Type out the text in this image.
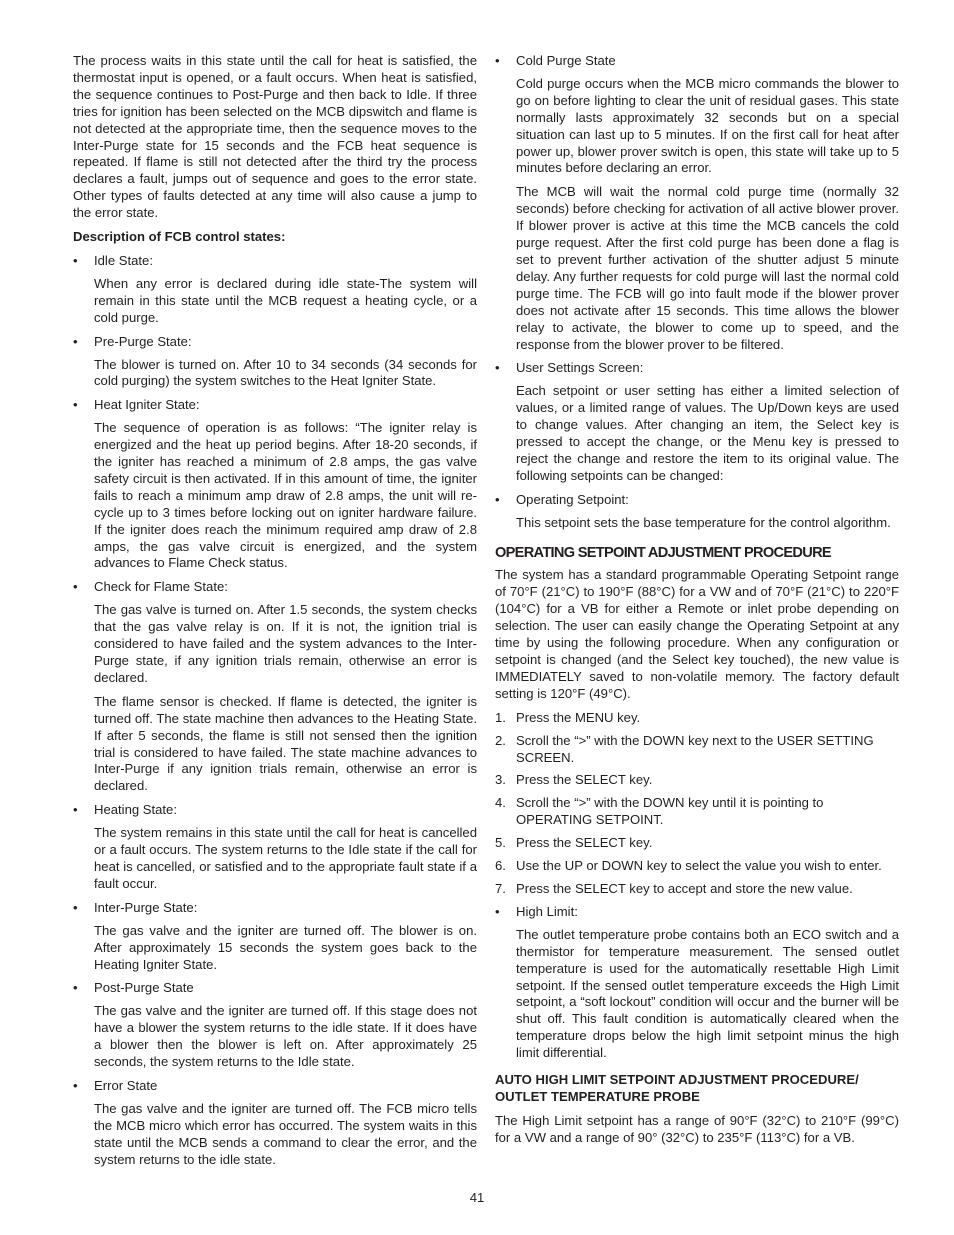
The process waits in this state until the call for heat is satisfied, the thermostat input is opened, or a fault occurs. When heat is satisfied, the sequence continues to Post-Purge and then back to Idle. If three tries for ignition has been selected on the MCB dipswitch and flame is not detected at the appropriate time, then the sequence moves to the Inter-Purge state for 15 seconds and the FCB heat sequence is repeated. If flame is still not detected after the third try the process declares a fault, jumps out of sequence and goes to the error state. Other types of faults detected at any time will also cause a jump to the error state.

Description of FCB control states:
• Idle State:

When any error is declared during idle state-The system will remain in this state until the MCB request a heating cycle, or a cold purge.

• Pre-Purge State:

The blower is turned on. After 10 to 34 seconds (34 seconds for cold purging) the system switches to the Heat Igniter State.

• Heat Igniter State:

The sequence of operation is as follows: “The igniter relay is energized and the heat up period begins. After 18-20 seconds, if the igniter has reached a minimum of 2.8 amps, the gas valve safety circuit is then activated. If in this amount of time, the igniter fails to reach a minimum amp draw of 2.8 amps, the unit will re-cycle up to 3 times before locking out on igniter hardware failure. If the igniter does reach the minimum required amp draw of 2.8 amps, the gas valve circuit is energized, and the system advances to Flame Check status.

• Check for Flame State:

The gas valve is turned on. After 1.5 seconds, the system checks that the gas valve relay is on. If it is not, the ignition trial is considered to have failed and the system advances to the Inter-Purge state, if any ignition trials remain, otherwise an error is declared.

The flame sensor is checked. If flame is detected, the igniter is turned off. The state machine then advances to the Heating State. If after 5 seconds, the flame is still not sensed then the ignition trial is considered to have failed. The state machine advances to Inter-Purge if any ignition trials remain, otherwise an error is declared.

• Heating State:

The system remains in this state until the call for heat is cancelled or a fault occurs. The system returns to the Idle state if the call for heat is cancelled, or satisfied and to the appropriate fault state if a fault occur.

• Inter-Purge State:

The gas valve and the igniter are turned off. The blower is on. After approximately 15 seconds the system goes back to the Heating Igniter State.

• Post-Purge State

The gas valve and the igniter are turned off. If this stage does not have a blower the system returns to the idle state. If it does have a blower then the blower is left on. After approximately 25 seconds, the system returns to the Idle state.

• Error State

The gas valve and the igniter are turned off. The FCB micro tells the MCB micro which error has occurred. The system waits in this state until the MCB sends a command to clear the error, and the system returns to the idle state.

• Cold Purge State

Cold purge occurs when the MCB micro commands the blower to go on before lighting to clear the unit of residual gases. This state normally lasts approximately 32 seconds but on a special situation can last up to 5 minutes. If on the first call for heat after power up, blower prover switch is open, this state will take up to 5 minutes before declaring an error.

The MCB will wait the normal cold purge time (normally 32 seconds) before checking for activation of all active blower prover. If blower prover is active at this time the MCB cancels the cold purge request. After the first cold purge has been done a flag is set to prevent further activation of the shutter adjust 5 minute delay. Any further requests for cold purge will last the normal cold purge time. The FCB will go into fault mode if the blower prover does not activate after 15 seconds. This time allows the blower relay to activate, the blower to come up to speed, and the response from the blower prover to be filtered.

• User Settings Screen:

Each setpoint or user setting has either a limited selection of values, or a limited range of values. The Up/Down keys are used to change values. After changing an item, the Select key is pressed to accept the change, or the Menu key is pressed to reject the change and restore the item to its original value. The following setpoints can be changed:

• Operating Setpoint:

This setpoint sets the base temperature for the control algorithm.

OPERATING SETPOINT ADJUSTMENT PROCEDURE

The system has a standard programmable Operating Setpoint range of 70°F (21°C) to 190°F (88°C) for a VW and of 70°F (21°C) to 220°F (104°C) for a VB for either a Remote or inlet probe depending on selection. The user can easily change the Operating Setpoint at any time by using the following procedure. When any configuration or setpoint is changed (and the Select key touched), the new value is IMMEDIATELY saved to non-volatile memory. The factory default setting is 120°F (49°C).

1. Press the MENU key.
2. Scroll the “>” with the DOWN key next to the USER SETTING SCREEN.
3. Press the SELECT key.
4. Scroll the “>” with the DOWN key until it is pointing to OPERATING SETPOINT.
5. Press the SELECT key.
6. Use the UP or DOWN key to select the value you wish to enter.
7. Press the SELECT key to accept and store the new value.
• High Limit:

The outlet temperature probe contains both an ECO switch and a thermistor for temperature measurement. The sensed outlet temperature is used for the automatically resettable High Limit setpoint. If the sensed outlet temperature exceeds the High Limit setpoint, a “soft lockout” condition will occur and the burner will be shut off. This fault condition is automatically cleared when the temperature drops below the high limit setpoint minus the high limit differential.

AUTO HIGH LIMIT SETPOINT ADJUSTMENT PROCEDURE/ OUTLET TEMPERATURE PROBE

The High Limit setpoint has a range of 90°F (32°C) to 210°F (99°C) for a VW and a range of 90° (32°C) to 235°F (113°C) for a VB.

41
